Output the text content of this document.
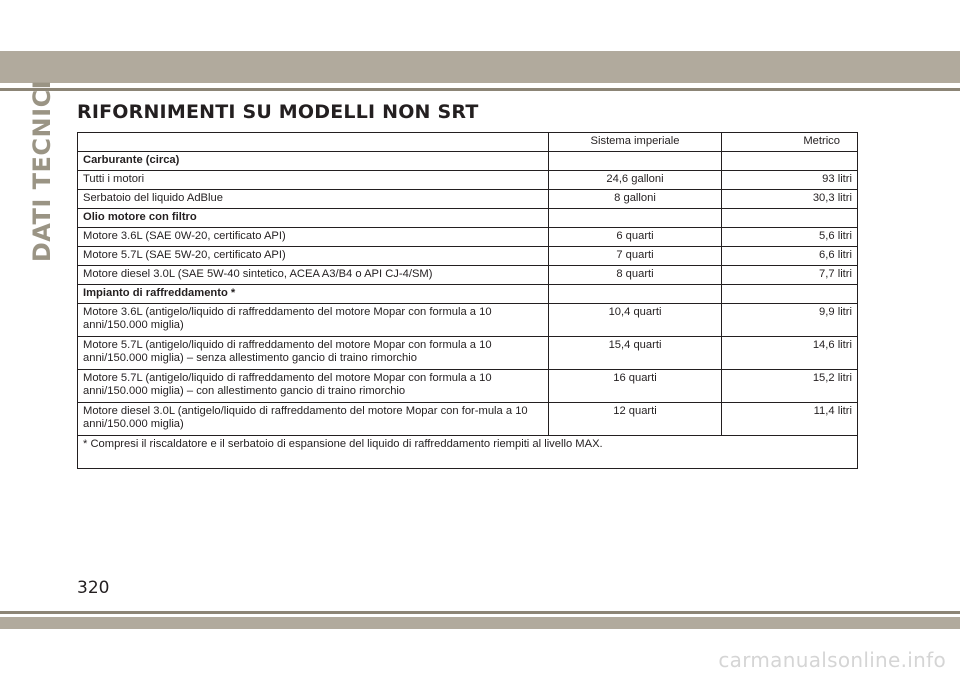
DATI TECNICI RIFORNIMENTI SU MODELLI NON SRT
	Sistema imperiale	Metrico
Carburante (circa)		
Tutti i motori	24,6 galloni	93 litri
Serbatoio del liquido AdBlue	8 galloni	30,3 litri
Olio motore con filtro		
Motore 3.6L (SAE 0W-20, certificato API)	6 quarti	5,6 litri
Motore 5.7L (SAE 5W-20, certificato API)	7 quarti	6,6 litri
Motore diesel 3.0L (SAE 5W-40 sintetico, ACEA A3/B4 o API CJ-4/SM)	8 quarti	7,7 litri
Impianto di raffreddamento *		
Motore 3.6L (antigelo/liquido di raffreddamento del motore Mopar con formula a 10 anni/150.000 miglia)	10,4 quarti	9,9 litri
Motore 5.7L (antigelo/liquido di raffreddamento del motore Mopar con formula a 10 anni/150.000 miglia) – senza allestimento gancio di traino rimorchio	15,4 quarti	14,6 litri
Motore 5.7L (antigelo/liquido di raffreddamento del motore Mopar con formula a 10 anni/150.000 miglia) – con allestimento gancio di traino rimorchio	16 quarti	15,2 litri
Motore diesel 3.0L (antigelo/liquido di raffreddamento del motore Mopar con for-mula a 10 anni/150.000 miglia)	12 quarti	11,4 litri
* Compresi il riscaldatore e il serbatoio di espansione del liquido di raffreddamento riempiti al livello MAX.		
320
carmanualsonline.info
